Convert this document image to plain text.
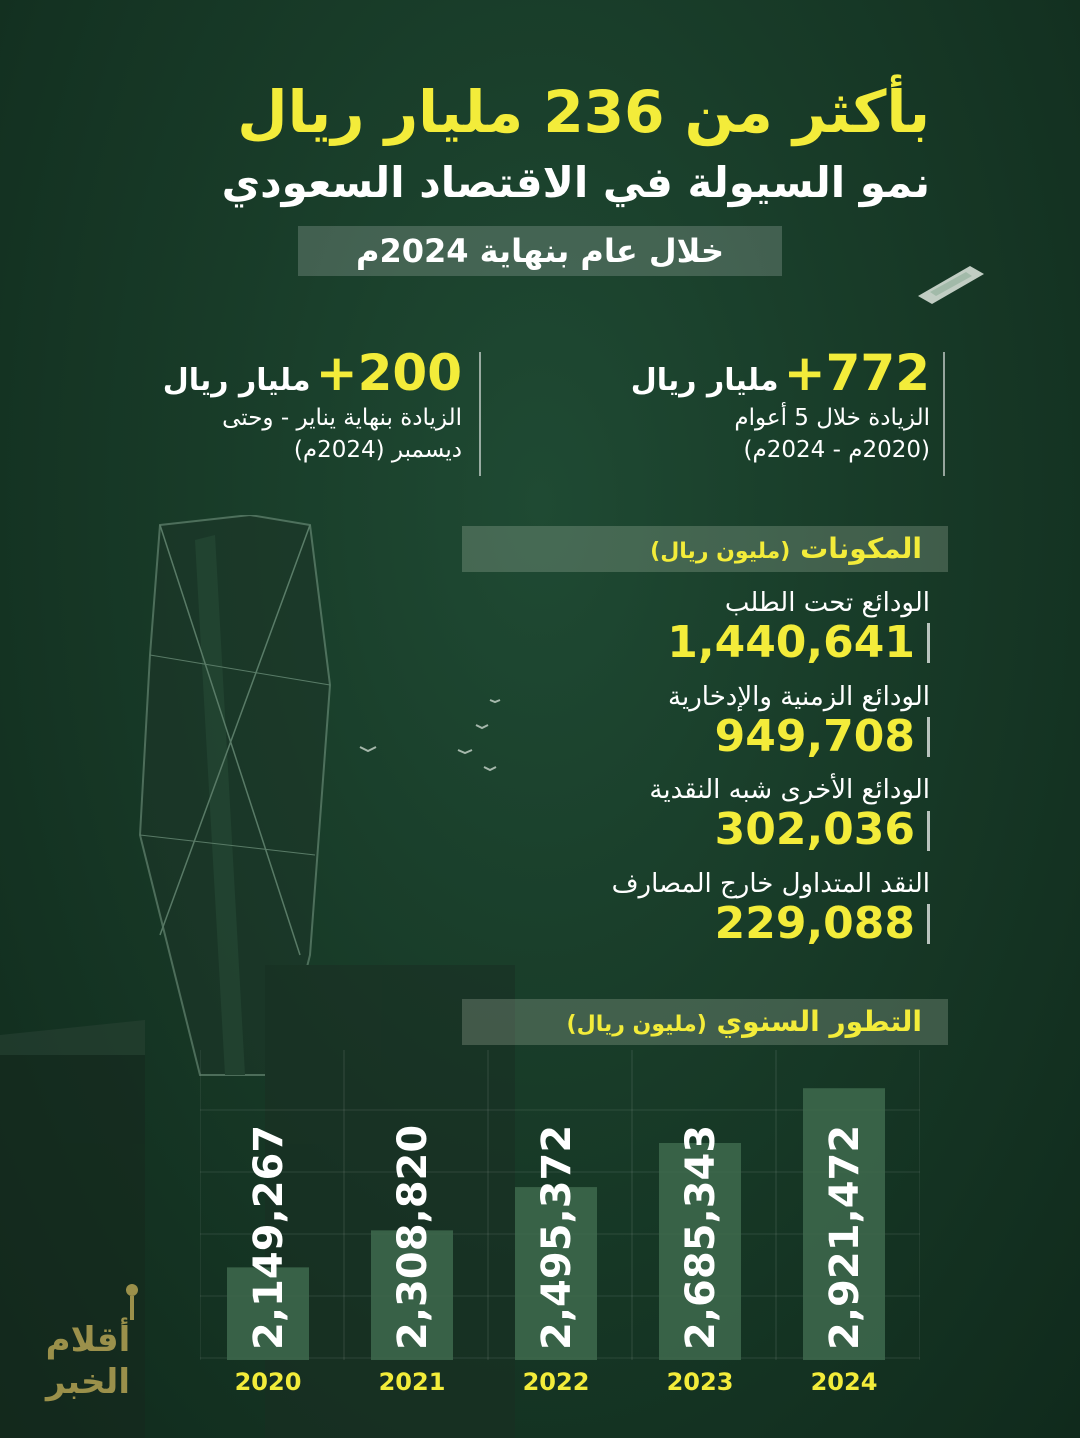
بأكثر من 236 مليار ريال
نمو السيولة في الاقتصاد السعودي
خلال عام بنهاية 2024م
772+ مليار ريال
الزيادة خلال 5 أعوام
(2020م - 2024م)
200+ مليار ريال
الزيادة بنهاية يناير - وحتى
ديسمبر (2024م)
المكونات (مليون ريال)
الودائع تحت الطلب
1,440,641
الودائع الزمنية والإدخارية
949,708
الودائع الأخرى شبه النقدية
302,036
النقد المتداول خارج المصارف
229,088
التطور السنوي (مليون ريال)
2,149,267
2020
2,308,820
2021
2,495,372
2022
2,685,343
2023
2,921,472
2024
أقلام
الخبر
